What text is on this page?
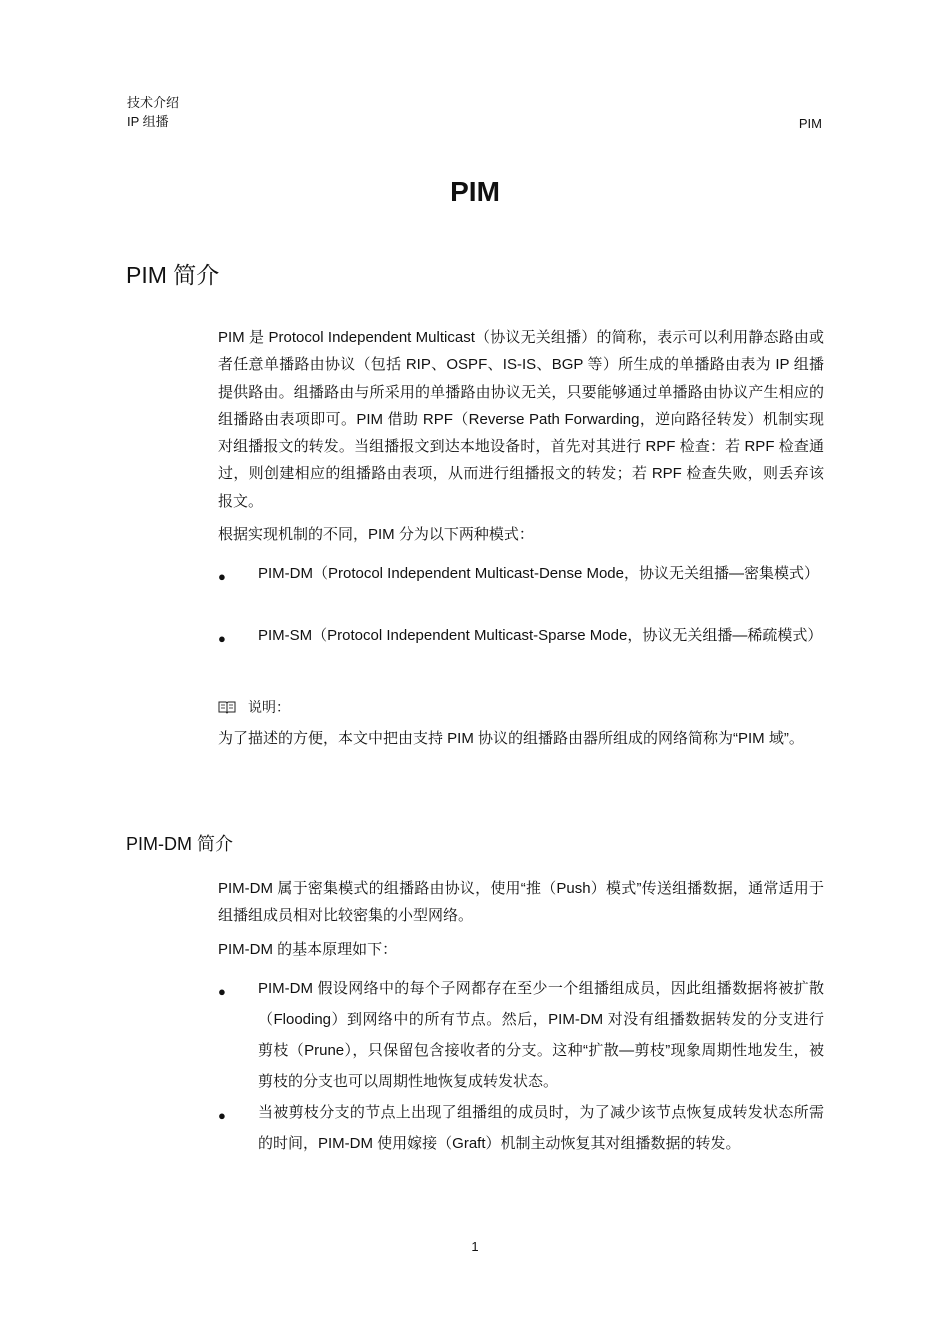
技术介绍
IP 组播	PIM
PIM
PIM 简介

PIM 是 Protocol Independent Multicast（协议无关组播）的简称，表示可以利用静态路由或者任意单播路由协议（包括 RIP、OSPF、IS-IS、BGP 等）所生成的单播路由表为 IP 组播提供路由。组播路由与所采用的单播路由协议无关，只要能够通过单播路由协议产生相应的组播路由表项即可。PIM 借助 RPF（Reverse Path Forwarding，逆向路径转发）机制实现对组播报文的转发。当组播报文到达本地设备时，首先对其进行 RPF 检查：若 RPF 检查通过，则创建相应的组播路由表项，从而进行组播报文的转发；若 RPF 检查失败，则丢弃该报文。

根据实现机制的不同，PIM 分为以下两种模式：

● PIM-DM（Protocol Independent Multicast-Dense Mode，协议无关组播—密集模式）
● PIM-SM（Protocol Independent Multicast-Sparse Mode，协议无关组播—稀疏模式）
说明：

为了描述的方便，本文中把由支持 PIM 协议的组播路由器所组成的网络简称为“PIM 域”。

PIM-DM 简介

PIM-DM 属于密集模式的组播路由协议，使用“推（Push）模式”传送组播数据，通常适用于组播组成员相对比较密集的小型网络。

PIM-DM 的基本原理如下：

● PIM-DM 假设网络中的每个子网都存在至少一个组播组成员，因此组播数据将被扩散（Flooding）到网络中的所有节点。然后，PIM-DM 对没有组播数据转发的分支进行剪枝（Prune），只保留包含接收者的分支。这种“扩散—剪枝”现象周期性地发生，被剪枝的分支也可以周期性地恢复成转发状态。
● 当被剪枝分支的节点上出现了组播组的成员时，为了减少该节点恢复成转发状态所需的时间，PIM-DM 使用嫁接（Graft）机制主动恢复其对组播数据的转发。
1
